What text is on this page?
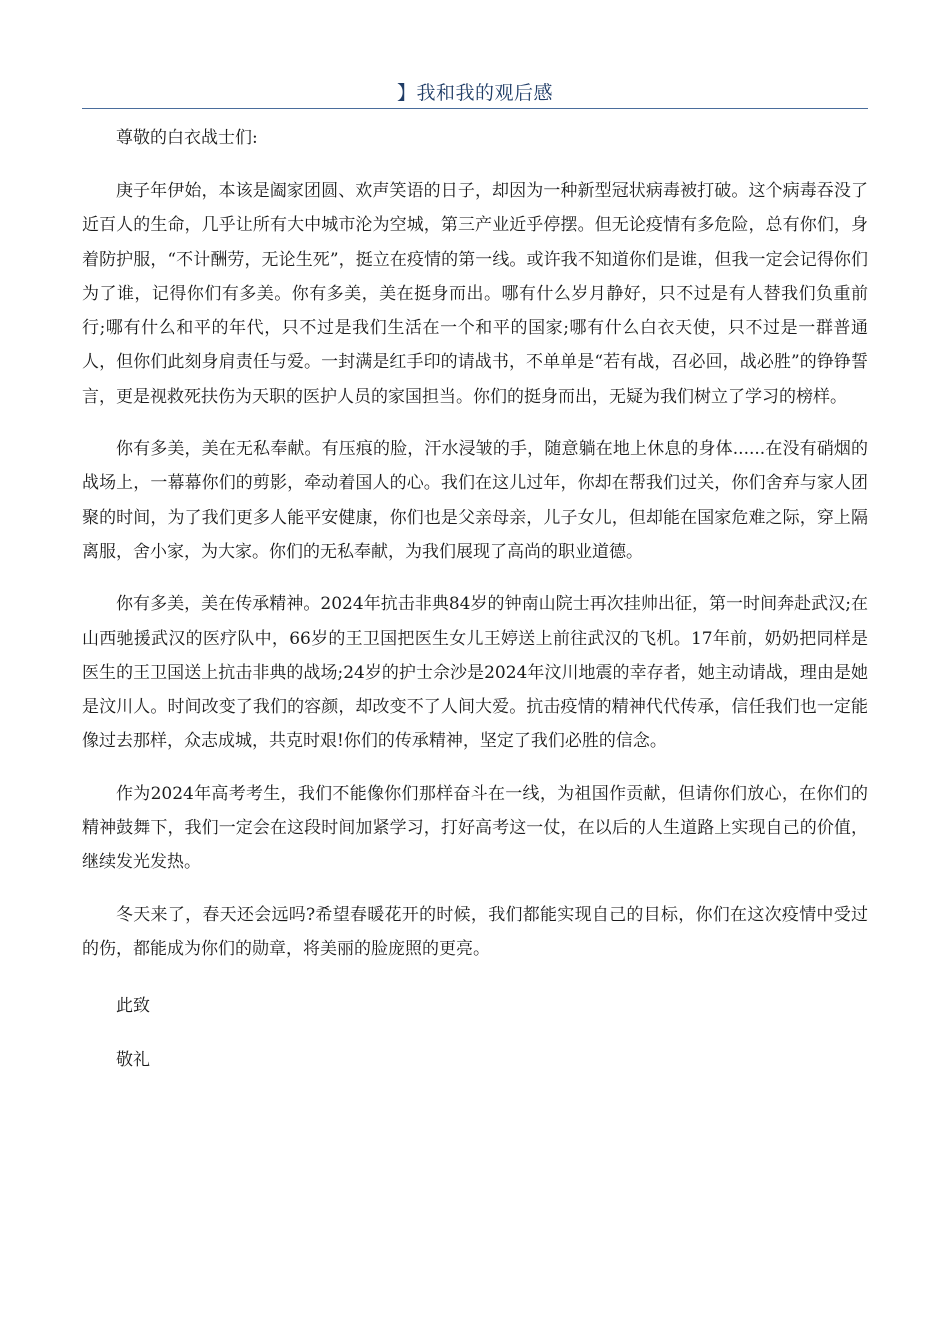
】我和我的观后感

尊敬的白衣战士们:

庚子年伊始，本该是阖家团圆、欢声笑语的日子，却因为一种新型冠状病毒被打破。这个病毒吞没了近百人的生命，几乎让所有大中城市沦为空城，第三产业近乎停摆。但无论疫情有多危险，总有你们，身着防护服，“不计酬劳，无论生死”，挺立在疫情的第一线。或许我不知道你们是谁，但我一定会记得你们为了谁，记得你们有多美。你有多美，美在挺身而出。哪有什么岁月静好，只不过是有人替我们负重前行;哪有什么和平的年代，只不过是我们生活在一个和平的国家;哪有什么白衣天使，只不过是一群普通人，但你们此刻身肩责任与爱。一封满是红手印的请战书，不单单是“若有战，召必回，战必胜”的铮铮誓言，更是视救死扶伤为天职的医护人员的家国担当。你们的挺身而出，无疑为我们树立了学习的榜样。

你有多美，美在无私奉献。有压痕的脸，汗水浸皱的手，随意躺在地上休息的身体......在没有硝烟的战场上，一幕幕你们的剪影，牵动着国人的心。我们在这儿过年，你却在帮我们过关，你们舍弃与家人团聚的时间，为了我们更多人能平安健康，你们也是父亲母亲，儿子女儿，但却能在国家危难之际，穿上隔离服，舍小家，为大家。你们的无私奉献，为我们展现了高尚的职业道德。

你有多美，美在传承精神。2024年抗击非典84岁的钟南山院士再次挂帅出征，第一时间奔赴武汉;在山西驰援武汉的医疗队中，66岁的王卫国把医生女儿王婷送上前往武汉的飞机。17年前，奶奶把同样是医生的王卫国送上抗击非典的战场;24岁的护士佘沙是2024年汶川地震的幸存者，她主动请战，理由是她是汶川人。时间改变了我们的容颜，却改变不了人间大爱。抗击疫情的精神代代传承，信任我们也一定能像过去那样，众志成城，共克时艰!你们的传承精神，坚定了我们必胜的信念。

作为2024年高考考生，我们不能像你们那样奋斗在一线，为祖国作贡献，但请你们放心，在你们的精神鼓舞下，我们一定会在这段时间加紧学习，打好高考这一仗，在以后的人生道路上实现自己的价值，继续发光发热。

冬天来了，春天还会远吗?希望春暖花开的时候，我们都能实现自己的目标，你们在这次疫情中受过的伤，都能成为你们的勋章，将美丽的脸庞照的更亮。

此致

敬礼
